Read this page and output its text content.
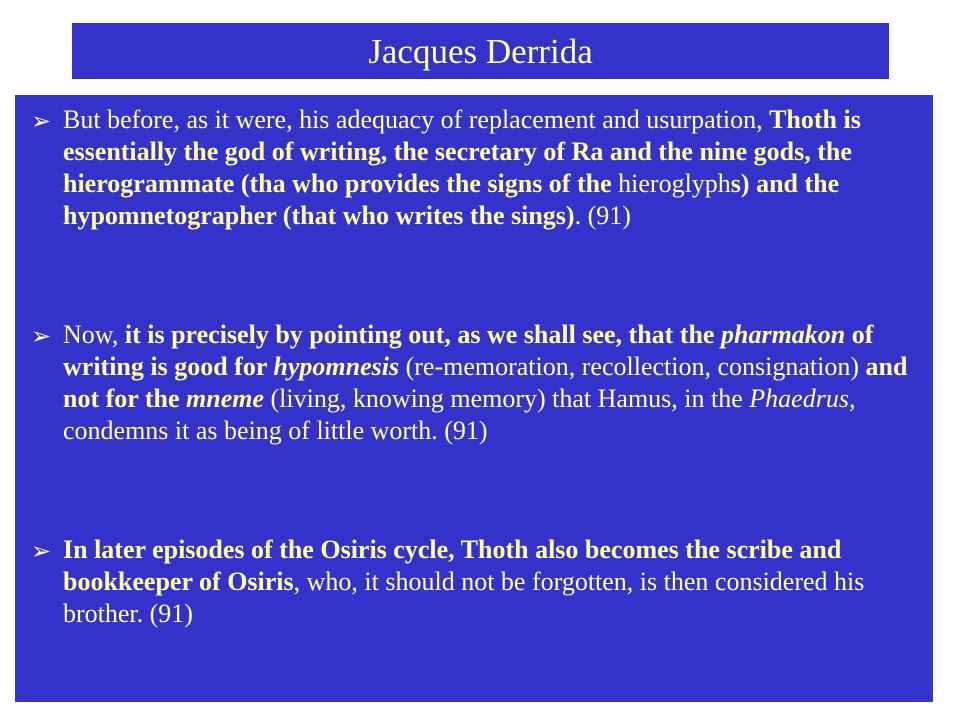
Jacques Derrida
➢ But before, as it were, his adequacy of replacement and usurpation, Thoth is essentially the god of writing, the secretary of Ra and the nine gods, the hierogrammate (tha who provides the signs of the hieroglyphs) and the hypomnetographer (that who writes the sings). (91)
➢ Now, it is precisely by pointing out, as we shall see, that the pharmakon of writing is good for hypomnesis (re-memoration, recollection, consignation) and not for the mneme (living, knowing memory) that Hamus, in the Phaedrus, condemns it as being of little worth. (91)
➢ In later episodes of the Osiris cycle, Thoth also becomes the scribe and bookkeeper of Osiris, who, it should not be forgotten, is then considered his brother. (91)
